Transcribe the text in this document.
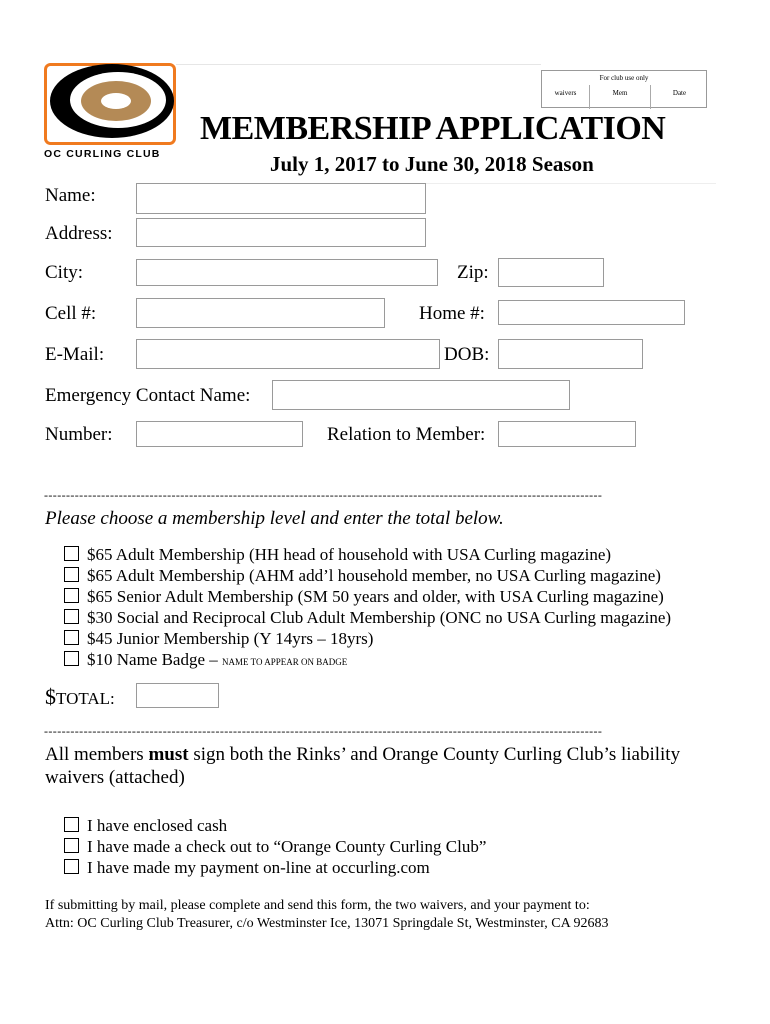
OC CURLING CLUB
For club use only
waivers	Mem	Date
MEMBERSHIP APPLICATION
July 1, 2017 to June 30, 2018 Season
Name:
Address:
City:	Zip:
Cell #:	Home #:
E-Mail:	DOB:
Emergency Contact Name:
Number:	Relation to Member:
-------------------------------------------------------------------------------------------------------------------------------
Please choose a membership level and enter the total below.
$65 Adult Membership (HH head of household with USA Curling magazine)
$65 Adult Membership (AHM add’l household member, no USA Curling magazine)
$65 Senior Adult Membership (SM 50 years and older, with USA Curling magazine)
$30 Social and Reciprocal Club Adult Membership (ONC no USA Curling magazine)
$45 Junior Membership (Y 14yrs – 18yrs)
$10 Name Badge – NAME TO APPEAR ON BADGE
$TOTAL:
-------------------------------------------------------------------------------------------------------------------------------
All members must sign both the Rinks’ and Orange County Curling Club’s liability waivers (attached)
I have enclosed cash
I have made a check out to “Orange County Curling Club”
I have made my payment on-line at occurling.com
If submitting by mail, please complete and send this form, the two waivers, and your payment to:
Attn: OC Curling Club Treasurer, c/o Westminster Ice, 13071 Springdale St, Westminster, CA 92683
